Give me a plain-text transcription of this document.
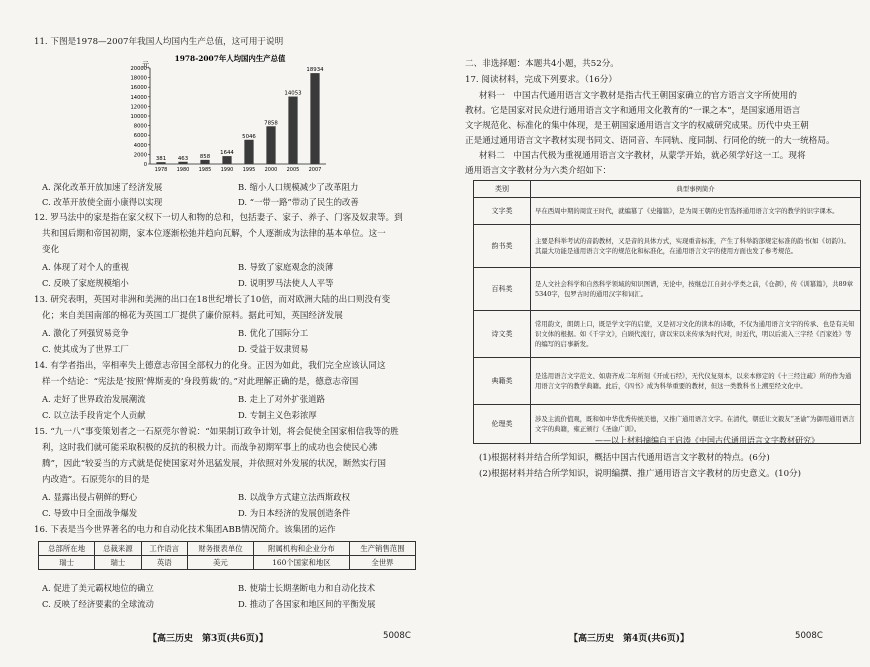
11. 下图是1978—2007年我国人均国内生产总值，这可用于说明
1978-2007年人均国内生产总值
元
0
2000
4000
6000
8000
10000
12000
14000
16000
18000
20000
1978 1980 1985 1990 1995 2000 2005 2007
381 463 858
1644
5046
7858
14053
18934
A. 深化改革开放加速了经济发展	B. 缩小人口规模减少了改革阻力
C. 改革开放使全面小康得以实现	D. “一带一路”带动了民生的改善
12. 罗马法中的家是指在家父权下一切人和物的总和，包括妻子、家子、养子、门客及奴隶等。到
共和国后期和帝国初期，家本位逐渐松弛并趋向瓦解，个人逐渐成为法律的基本单位。这一
变化
A. 体现了对个人的重视	B. 导致了家庭观念的淡薄
C. 反映了家庭规模缩小	D. 说明罗马法使人人平等
13. 研究表明，英国对非洲和美洲的出口在18世纪增长了10倍，而对欧洲大陆的出口则没有变
化；来自美国南部的棉花为英国工厂提供了廉价原料。据此可知，英国经济发展
A. 激化了列强贸易竞争	B. 优化了国际分工
C. 使其成为了世界工厂	D. 受益于奴隶贸易
14. 有学者指出，宰相率失上德意志帝国全部权力的化身。正因为如此，我们完全应该认同这
样一个结论：“宪法是‘按照’俾斯麦的‘身段剪裁’的。”对此理解正确的是，德意志帝国
A. 走好了世界政治发展潮流	B. 走上了对外扩张道路
C. 以立法手段肯定个人贡献	D. 专制主义色彩浓厚
15. “九一八”事变策划者之一石原莞尔曾说：“如果制订政争计划，将会促使全国家相信我等的胜
利，这时我们就可能采取积极的反抗的积极力计。而战争初期军事上的成功也会使民心沸
腾”，因此“较妥当的方式就是促使国家对外迅猛发展，并依照对外发展的状况，断然实行国
内改造”。石原莞尔的目的是
A. 显露出侵占朝鲜的野心	B. 以战争方式建立法西斯政权
C. 导致中日全面战争爆发	D. 为日本经济的发展创造条件
16. 下表是当今世界著名的电力和自动化技术集团ABB情况简介。该集团的运作
总部所在地	总裁来源	工作语言	财务报表单位	附属机构和企业分布	生产销售范围
瑞士	瑞士	英语	美元	160个国家和地区	全世界
A. 促进了美元霸权地位的确立	B. 使瑞士长期垄断电力和自动化技术
C. 反映了经济要素的全球流动	D. 推动了各国家和地区间的平衡发展
【高三历史　第3页(共6页)】	5008C
二、非选择题：本题共4小题，共52分。
17. 阅读材料，完成下列要求。（16分）
材料一　中国古代通用语言文字教材是指古代王朝国家确立的官方语言文字所使用的
教材。它是国家对民众进行通用语言文字和通用文化教育的“一课之本”，是国家通用语言
文字规范化、标准化的集中体现，是王朝国家通用语言文字的权威研究成果。历代中央王朝
正是通过通用语言文字教材实现书同文、语同音、车同轨、度同制、行同伦的统一的大一统格局。
材料二　中国古代极为重视通用语言文字教材，从蒙学开始，就必须学好这一工。现将
通用语言文字教材分为六类介绍如下：
类别	典型事例简介
文字类	早在西周中期的周宣王时代，就编纂了《史籀篇》，是为周王朝的史官选择通用语言文字的教学的识字课本。
韵书类	主要是科举考试的音韵教材，又是音的具体方式，实现重音标准，产生了科举韵部规定标准的韵书(如《切韵》)。其最大功能是通用语言文字的规范化和标准化，在通用语言文字的使用方面也发了参考规范。
百科类	是人文社会科学和自然科学领域的知识图谱，无论中，按继总江自封小学类之前，《仓颉》，传《训纂篇》，共89章5340字，包罗古时的通用汉字和词汇。
诗文类	常用韵文，朗朗上口，既是学文字的启蒙，又是初习文化的读本的诗歌，不仅为通用语言文字的传承、也是有关知识文体的根据。如《千字文》，自顾代流行，唐以宋以来传承为时代对，时近代，明以后流入三字经《百家姓》等的编写的启事新发。
典籍类	是选用语言文字范文、如唐齐成二年所刻《开成石经》，无代仪复刻本，以来本修定的《十三经注疏》所的作为通用语言文字的教学典籍。此后，《四书》成为科举重要的教材，但这一类教科书上溯至经文化中。
伦理类	涉及主流价值观，既和如中华优秀传统美德，又推广通用语言文字。在清代，朝廷让文毅友“圣谕”为御用通用语言文字的典籍，雍正颁行《圣谕广训》。
——以上材料摘编自王启涛《中国古代通用语言文字教材研究》
(1)根据材料并结合所学知识，概括中国古代通用语言文字教材的特点。(6分)
(2)根据材料并结合所学知识，说明编撰、推广通用语言文字教材的历史意义。(10分)
【高三历史　第4页(共6页)】	5008C
